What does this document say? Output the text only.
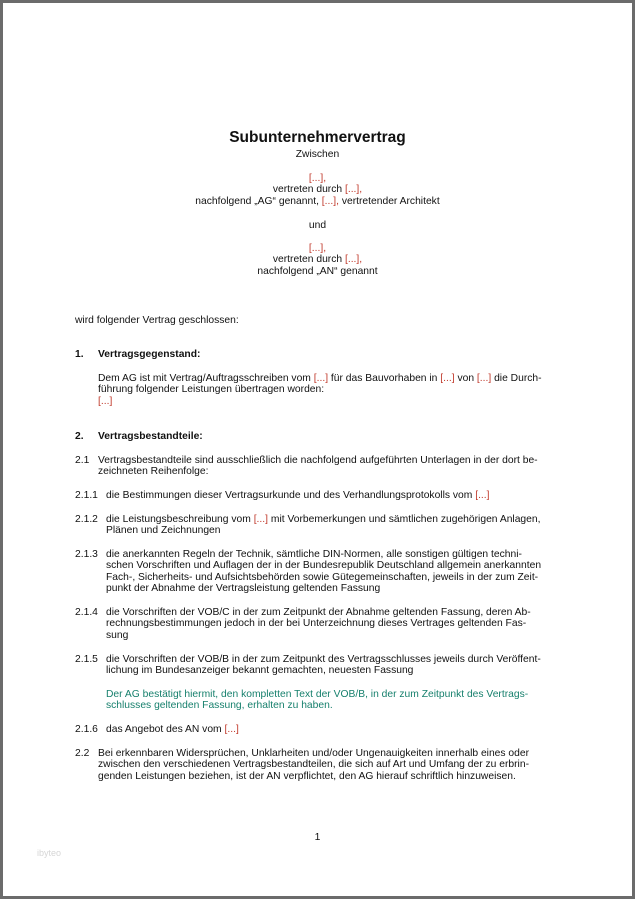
Subunternehmervertrag
Zwischen
[...],
vertreten durch [...],
nachfolgend „AG“ genannt, [...], vertretender Architekt
und
[...],
vertreten durch [...],
nachfolgend „AN“ genannt
wird folgender Vertrag geschlossen:
1. Vertragsgegenstand:
Dem AG ist mit Vertrag/Auftragsschreiben vom [...] für das Bauvorhaben in [...] von [...] die Durch-
führung folgender Leistungen übertragen worden:
[...]
2. Vertragsbestandteile:
2.1 Vertragsbestandteile sind ausschließlich die nachfolgend aufgeführten Unterlagen in der dort be-
zeichneten Reihenfolge:
2.1.1 die Bestimmungen dieser Vertragsurkunde und des Verhandlungsprotokolls vom [...]
2.1.2 die Leistungsbeschreibung vom [...] mit Vorbemerkungen und sämtlichen zugehörigen Anlagen,
Plänen und Zeichnungen
2.1.3 die anerkannten Regeln der Technik, sämtliche DIN-Normen, alle sonstigen gültigen techni-
schen Vorschriften und Auflagen der in der Bundesrepublik Deutschland allgemein anerkannten
Fach-, Sicherheits- und Aufsichtsbehörden sowie Gütegemeinschaften, jeweils in der zum Zeit-
punkt der Abnahme der Vertragsleistung geltenden Fassung
2.1.4 die Vorschriften der VOB/C in der zum Zeitpunkt der Abnahme geltenden Fassung, deren Ab-
rechnungsbestimmungen jedoch in der bei Unterzeichnung dieses Vertrages geltenden Fas-
sung
2.1.5 die Vorschriften der VOB/B in der zum Zeitpunkt des Vertragsschlusses jeweils durch Veröffent-
lichung im Bundesanzeiger bekannt gemachten, neuesten Fassung
Der AG bestätigt hiermit, den kompletten Text der VOB/B, in der zum Zeitpunkt des Vertrags-
schlusses geltenden Fassung, erhalten zu haben.
2.1.6 das Angebot des AN vom [...]
2.2 Bei erkennbaren Widersprüchen, Unklarheiten und/oder Ungenauigkeiten innerhalb eines oder
zwischen den verschiedenen Vertragsbestandteilen, die sich auf Art und Umfang der zu erbrin-
genden Leistungen beziehen, ist der AN verpflichtet, den AG hierauf schriftlich hinzuweisen.
1
ibyteo
